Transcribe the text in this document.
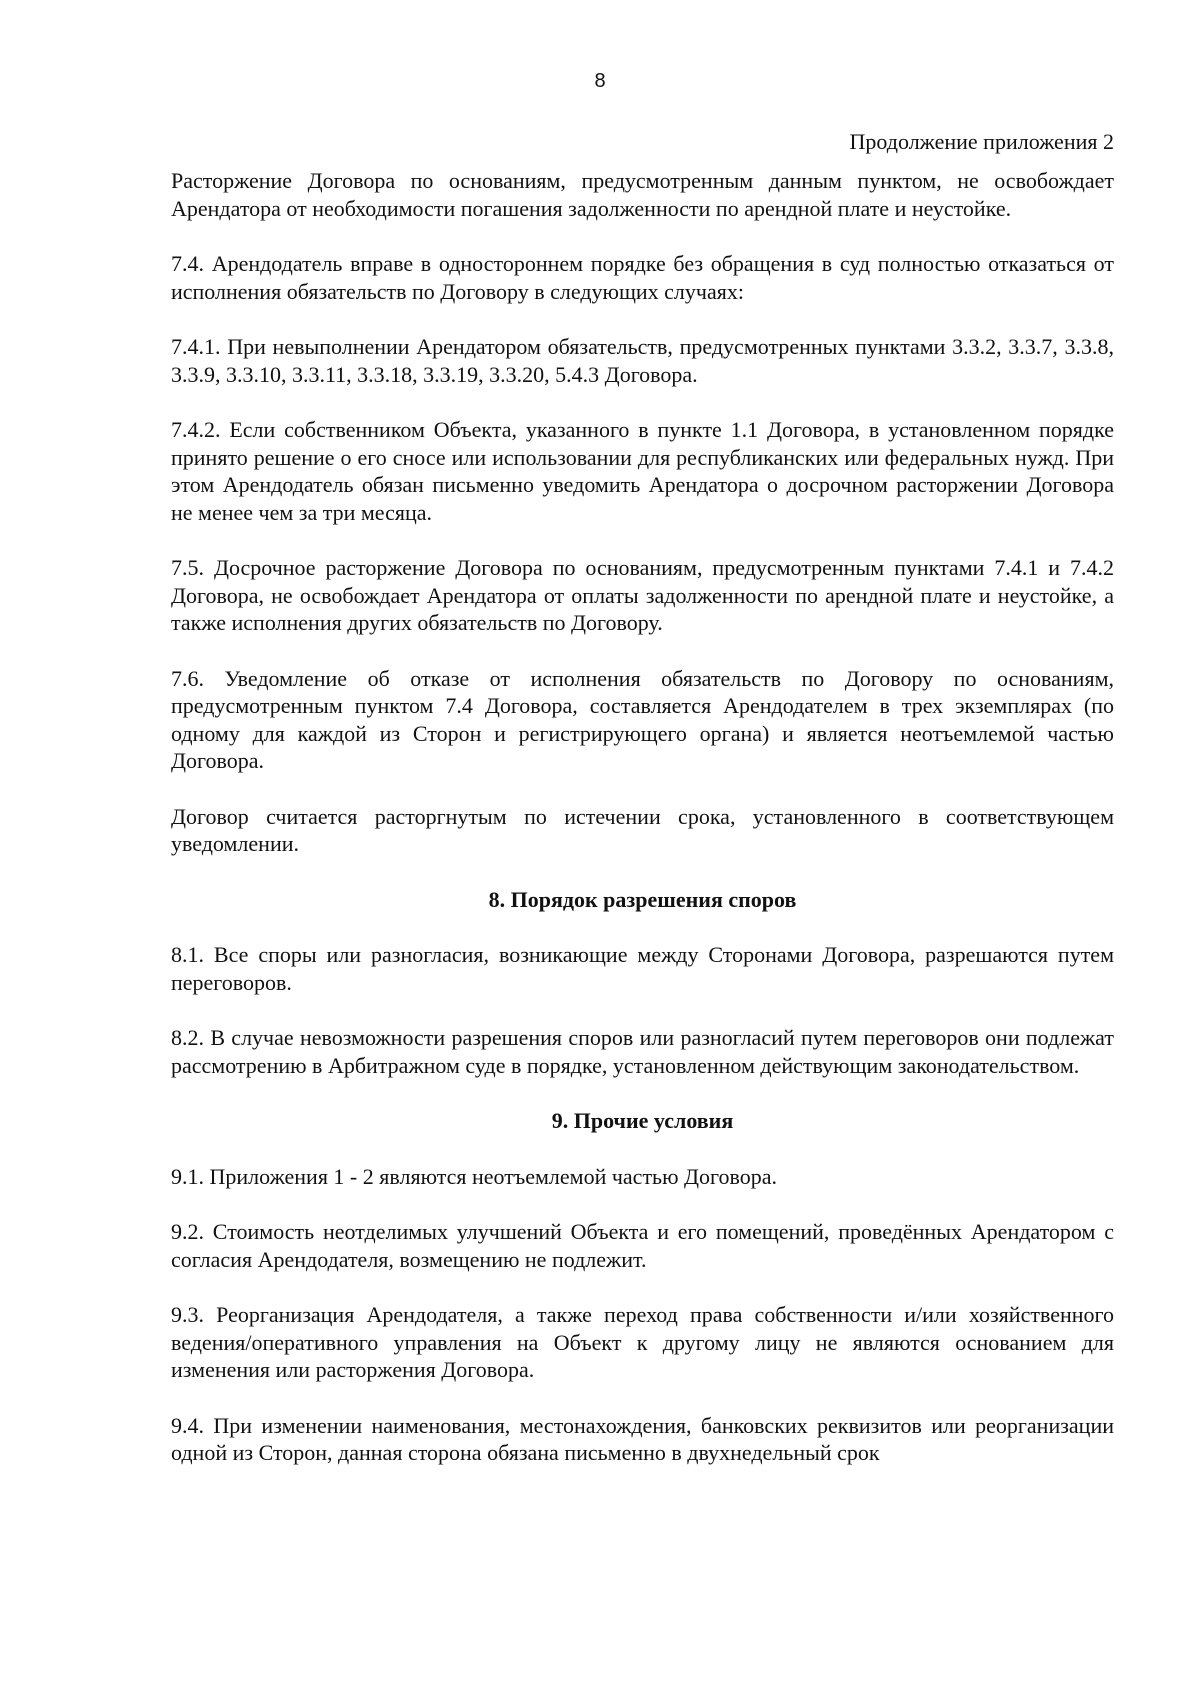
8
Продолжение приложения 2

Расторжение Договора по основаниям, предусмотренным данным пунктом, не освобождает Арендатора от необходимости погашения задолженности по арендной плате и неустойке.

7.4. Арендодатель вправе в одностороннем порядке без обращения в суд полностью отказаться от исполнения обязательств по Договору в следующих случаях:

7.4.1. При невыполнении Арендатором обязательств, предусмотренных пунктами 3.3.2, 3.3.7, 3.3.8, 3.3.9, 3.3.10, 3.3.11, 3.3.18, 3.3.19, 3.3.20, 5.4.3 Договора.

7.4.2. Если собственником Объекта, указанного в пункте 1.1 Договора, в установленном порядке принято решение о его сносе или использовании для республиканских или федеральных нужд. При этом Арендодатель обязан письменно уведомить Арендатора о досрочном расторжении Договора не менее чем за три месяца.

7.5. Досрочное расторжение Договора по основаниям, предусмотренным пунктами 7.4.1 и 7.4.2 Договора, не освобождает Арендатора от оплаты задолженности по арендной плате и неустойке, а также исполнения других обязательств по Договору.

7.6. Уведомление об отказе от исполнения обязательств по Договору по основаниям, предусмотренным пунктом 7.4 Договора, составляется Арендодателем в трех экземплярах (по одному для каждой из Сторон и регистрирующего органа) и является неотъемлемой частью Договора.

Договор считается расторгнутым по истечении срока, установленного в соответствующем уведомлении.

8. Порядок разрешения споров

8.1. Все споры или разногласия, возникающие между Сторонами Договора, разрешаются путем переговоров.

8.2. В случае невозможности разрешения споров или разногласий путем переговоров они подлежат рассмотрению в Арбитражном суде в порядке, установленном действующим законодательством.

9. Прочие условия

9.1. Приложения 1 - 2 являются неотъемлемой частью Договора.

9.2. Стоимость неотделимых улучшений Объекта и его помещений, проведённых Арендатором с согласия Арендодателя, возмещению не подлежит.

9.3. Реорганизация Арендодателя, а также переход права собственности и/или хозяйственного ведения/оперативного управления на Объект к другому лицу не являются основанием для изменения или расторжения Договора.

9.4. При изменении наименования, местонахождения, банковских реквизитов или реорганизации одной из Сторон, данная сторона обязана письменно в двухнедельный срок
